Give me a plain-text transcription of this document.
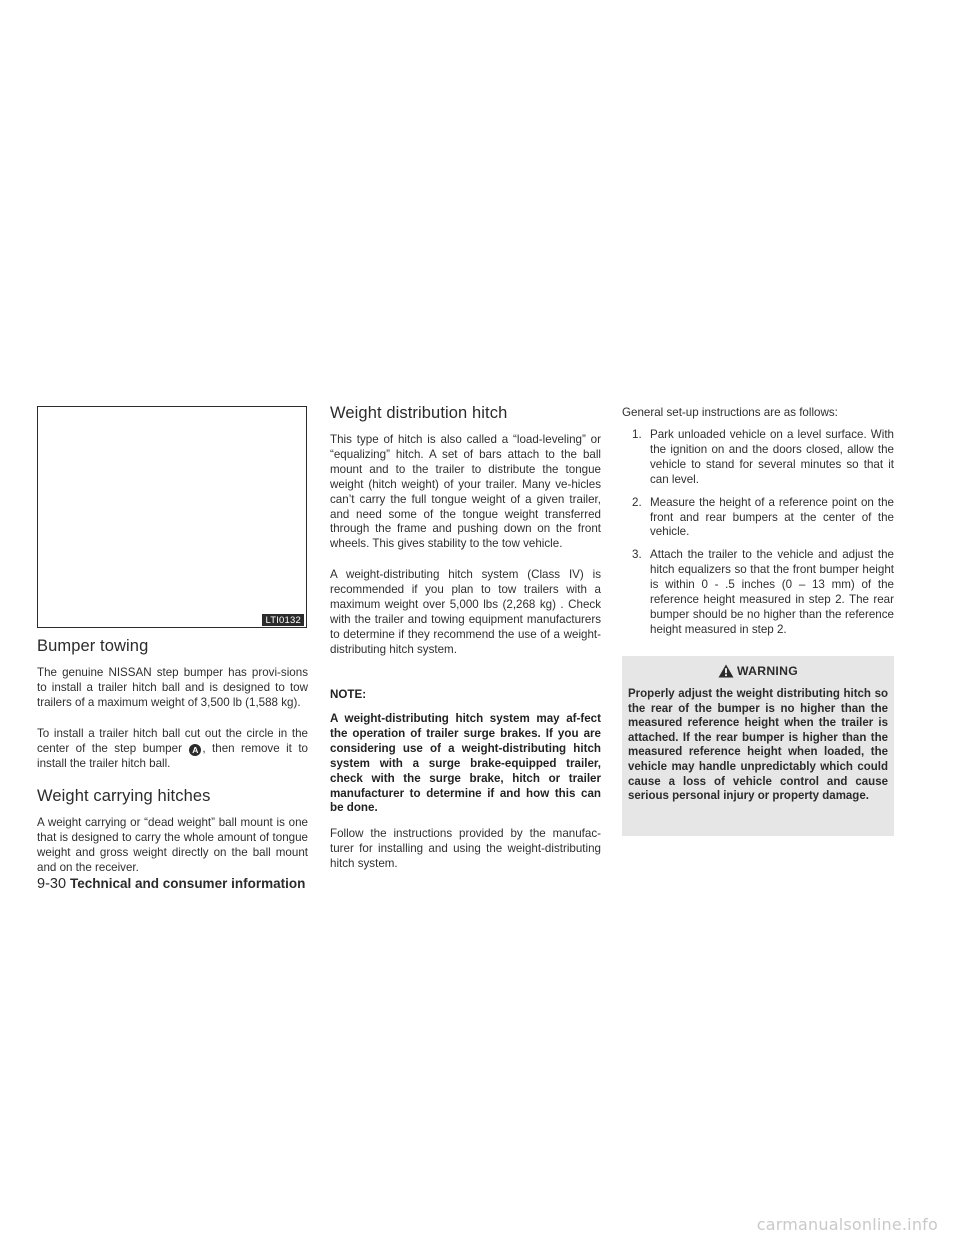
LTI0132
Bumper towing

The genuine NISSAN step bumper has provi-sions to install a trailer hitch ball and is designed to tow trailers of a maximum weight of 3,500 lb (1,588 kg).

To install a trailer hitch ball cut out the circle in the center of the step bumper A , then remove it to install the trailer hitch ball.

Weight carrying hitches

A weight carrying or “dead weight” ball mount is one that is designed to carry the whole amount of tongue weight and gross weight directly on the ball mount and on the receiver.

Weight distribution hitch

This type of hitch is also called a “load-leveling” or “equalizing” hitch. A set of bars attach to the ball mount and to the trailer to distribute the tongue weight (hitch weight) of your trailer. Many ve-hicles can’t carry the full tongue weight of a given trailer, and need some of the tongue weight transferred through the frame and pushing down on the front wheels. This gives stability to the tow vehicle.

A weight-distributing hitch system (Class IV) is recommended if you plan to tow trailers with a maximum weight over 5,000 lbs (2,268 kg) . Check with the trailer and towing equipment manufacturers to determine if they recommend the use of a weight-distributing hitch system.

NOTE:

A weight-distributing hitch system may af-fect the operation of trailer surge brakes. If you are considering use of a weight-distributing hitch system with a surge brake-equipped trailer, check with the surge brake, hitch or trailer manufacturer to determine if and how this can be done.

Follow the instructions provided by the manufac-turer for installing and using the weight-distributing hitch system.

General set-up instructions are as follows:

1. Park unloaded vehicle on a level surface. With the ignition on and the doors closed, allow the vehicle to stand for several minutes so that it can level.
2. Measure the height of a reference point on the front and rear bumpers at the center of the vehicle.
3. Attach the trailer to the vehicle and adjust the hitch equalizers so that the front bumper height is within 0 - .5 inches (0 – 13 mm) of the reference height measured in step 2. The rear bumper should be no higher than the reference height measured in step 2.
WARNING
Properly adjust the weight distributing hitch so the rear of the bumper is no higher than the measured reference height when the trailer is attached. If the rear bumper is higher than the measured reference height when loaded, the vehicle may handle unpredictably which could cause a loss of vehicle control and cause serious personal injury or property damage.
9-30 Technical and consumer information
carmanualsonline.info
